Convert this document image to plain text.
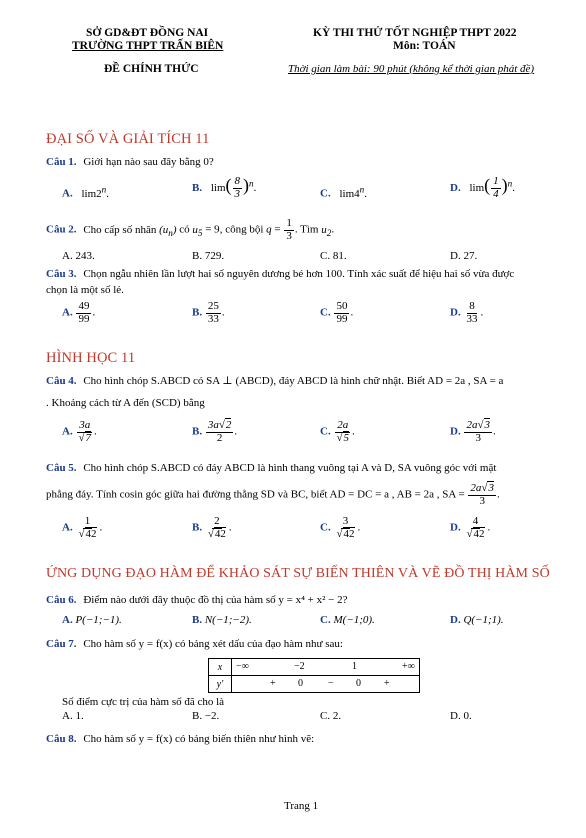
SỞ GD&ĐT ĐỒNG NAI
TRƯỜNG THPT TRẤN BIÊN
ĐỀ CHÍNH THỨC
KỲ THI THỬ TỐT NGHIỆP THPT 2022
Môn: TOÁN
Thời gian làm bài: 90 phút (không kể thời gian phát đề)
ĐẠI SỐ VÀ GIẢI TÍCH 11
Câu 1. Giới hạn nào sau đây bằng 0?
A. lim2$^n$.	B. $\lim( \frac{8}{3} )^n$.	C. lim4$^n$.	D. $\lim( \frac{1}{4} )^n$.
Câu 2. Cho cấp số nhân $(u_n)$ có $u_5 = 9$, công bội $q = \frac{1}{3}$ . Tìm $u_2$.
A. 243.	B. 729.	C. 81.	D. 27.
Câu 3. Chọn ngẫu nhiên lần lượt hai số nguyên dương bé hơn 100. Tính xác suất để hiệu hai số vừa được
chọn là một số lẻ.
A. $\frac{49}{99}$ .	B. $\frac{25}{33}$ .	C. $\frac{50}{99}$ .	D. $\frac{8}{33}$ .
HÌNH HỌC 11
Câu 4. Cho hình chóp S.ABCD có SA ⊥ (ABCD), đáy ABCD là hình chữ nhật. Biết AD = 2a , SA = a
. Khoảng cách từ A đến (SCD) bằng
A. $\frac{3a}{√7}$ .	B. $\frac{3a√2}{2}$ .	C. $\frac{2a}{√5}$ .	D. $\frac{2a√3}{3}$ .
Câu 5. Cho hình chóp S.ABCD có đáy ABCD là hình thang vuông tại A và D, SA vuông góc với mặt
phẳng đáy. Tính cosin góc giữa hai đường thẳng SD và BC, biết AD = DC = a , AB = 2a , SA = $\frac{2a√3}{3}$ .
A. $\frac{1}{√42}$ .	B. $\frac{2}{√42}$ .	C. $\frac{3}{√42}$ .	D. $\frac{4}{√42}$ .
ỨNG DỤNG ĐẠO HÀM ĐỂ KHẢO SÁT SỰ BIẾN THIÊN VÀ VẼ ĐỒ THỊ HÀM SỐ
Câu 6. Điểm nào dưới đây thuộc đồ thị của hàm số y = x⁴ + x² − 2?
A. P(−1;−1).	B. N(−1;−2).	C. M(−1;0).	D. Q(−1;1).
Câu 7. Cho hàm số y = f(x) có bảng xét dấu của đạo hàm như sau:
x	−∞ −2 1 +∞

y′	+ 0 − 0 +
Số điểm cực trị của hàm số đã cho là
A. 1.	B. −2.	C. 2.	D. 0.
Câu 8. Cho hàm số y = f(x) có bảng biến thiên như hình vẽ:
Trang 1
